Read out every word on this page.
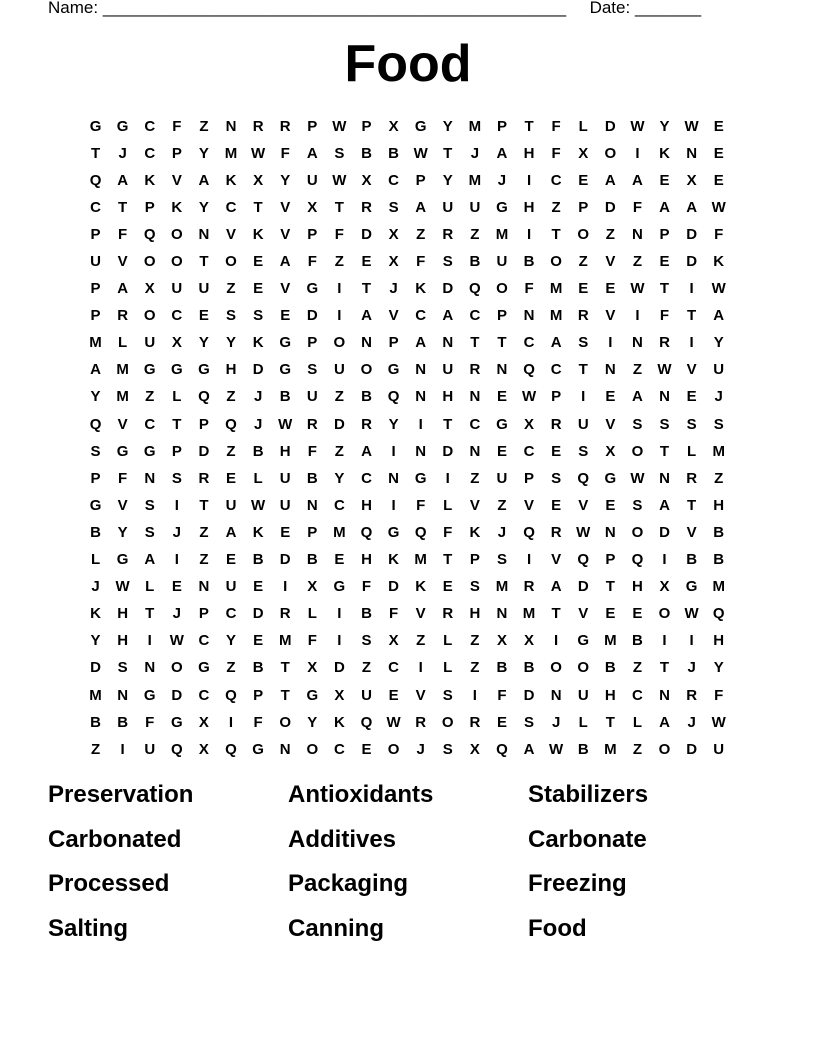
Name: _________________________________________________ Date: _______
Food
G	G	C	F	Z	N	R	R	P	W	P	X	G	Y	M	P	T	F	L	D	W	Y	W	E
T	J	C	P	Y	M	W	F	A	S	B	B	W	T	J	A	H	F	X	O	I	K	N	E
Q	A	K	V	A	K	X	Y	U	W	X	C	P	Y	M	J	I	C	E	A	A	E	X	E
C	T	P	K	Y	C	T	V	X	T	R	S	A	U	U	G	H	Z	P	D	F	A	A	W
P	F	Q	O	N	V	K	V	P	F	D	X	Z	R	Z	M	I	T	O	Z	N	P	D	F
U	V	O	O	T	O	E	A	F	Z	E	X	F	S	B	U	B	O	Z	V	Z	E	D	K
P	A	X	U	U	Z	E	V	G	I	T	J	K	D	Q	O	F	M	E	E	W	T	I	W
P	R	O	C	E	S	S	E	D	I	A	V	C	A	C	P	N	M	R	V	I	F	T	A
M	L	U	X	Y	Y	K	G	P	O	N	P	A	N	T	T	C	A	S	I	N	R	I	Y
A	M	G	G	G	H	D	G	S	U	O	G	N	U	R	N	Q	C	T	N	Z	W	V	U
Y	M	Z	L	Q	Z	J	B	U	Z	B	Q	N	H	N	E	W	P	I	E	A	N	E	J
Q	V	C	T	P	Q	J	W	R	D	R	Y	I	T	C	G	X	R	U	V	S	S	S	S
S	G	G	P	D	Z	B	H	F	Z	A	I	N	D	N	E	C	E	S	X	O	T	L	M
P	F	N	S	R	E	L	U	B	Y	C	N	G	I	Z	U	P	S	Q	G	W	N	R	Z
G	V	S	I	T	U	W	U	N	C	H	I	F	L	V	Z	V	E	V	E	S	A	T	H
B	Y	S	J	Z	A	K	E	P	M	Q	G	Q	F	K	J	Q	R	W	N	O	D	V	B
L	G	A	I	Z	E	B	D	B	E	H	K	M	T	P	S	I	V	Q	P	Q	I	B	B
J	W	L	E	N	U	E	I	X	G	F	D	K	E	S	M	R	A	D	T	H	X	G	M
K	H	T	J	P	C	D	R	L	I	B	F	V	R	H	N	M	T	V	E	E	O	W	Q
Y	H	I	W	C	Y	E	M	F	I	S	X	Z	L	Z	X	X	I	G	M	B	I	I	H
D	S	N	O	G	Z	B	T	X	D	Z	C	I	L	Z	B	B	O	O	B	Z	T	J	Y
M	N	G	D	C	Q	P	T	G	X	U	E	V	S	I	F	D	N	U	H	C	N	R	F
B	B	F	G	X	I	F	O	Y	K	Q	W	R	O	R	E	S	J	L	T	L	A	J	W
Z	I	U	Q	X	Q	G	N	O	C	E	O	J	S	X	Q	A	W	B	M	Z	O	D	U
Preservation	Antioxidants	Stabilizers
Carbonated	Additives	Carbonate
Processed	Packaging	Freezing
Salting	Canning	Food
